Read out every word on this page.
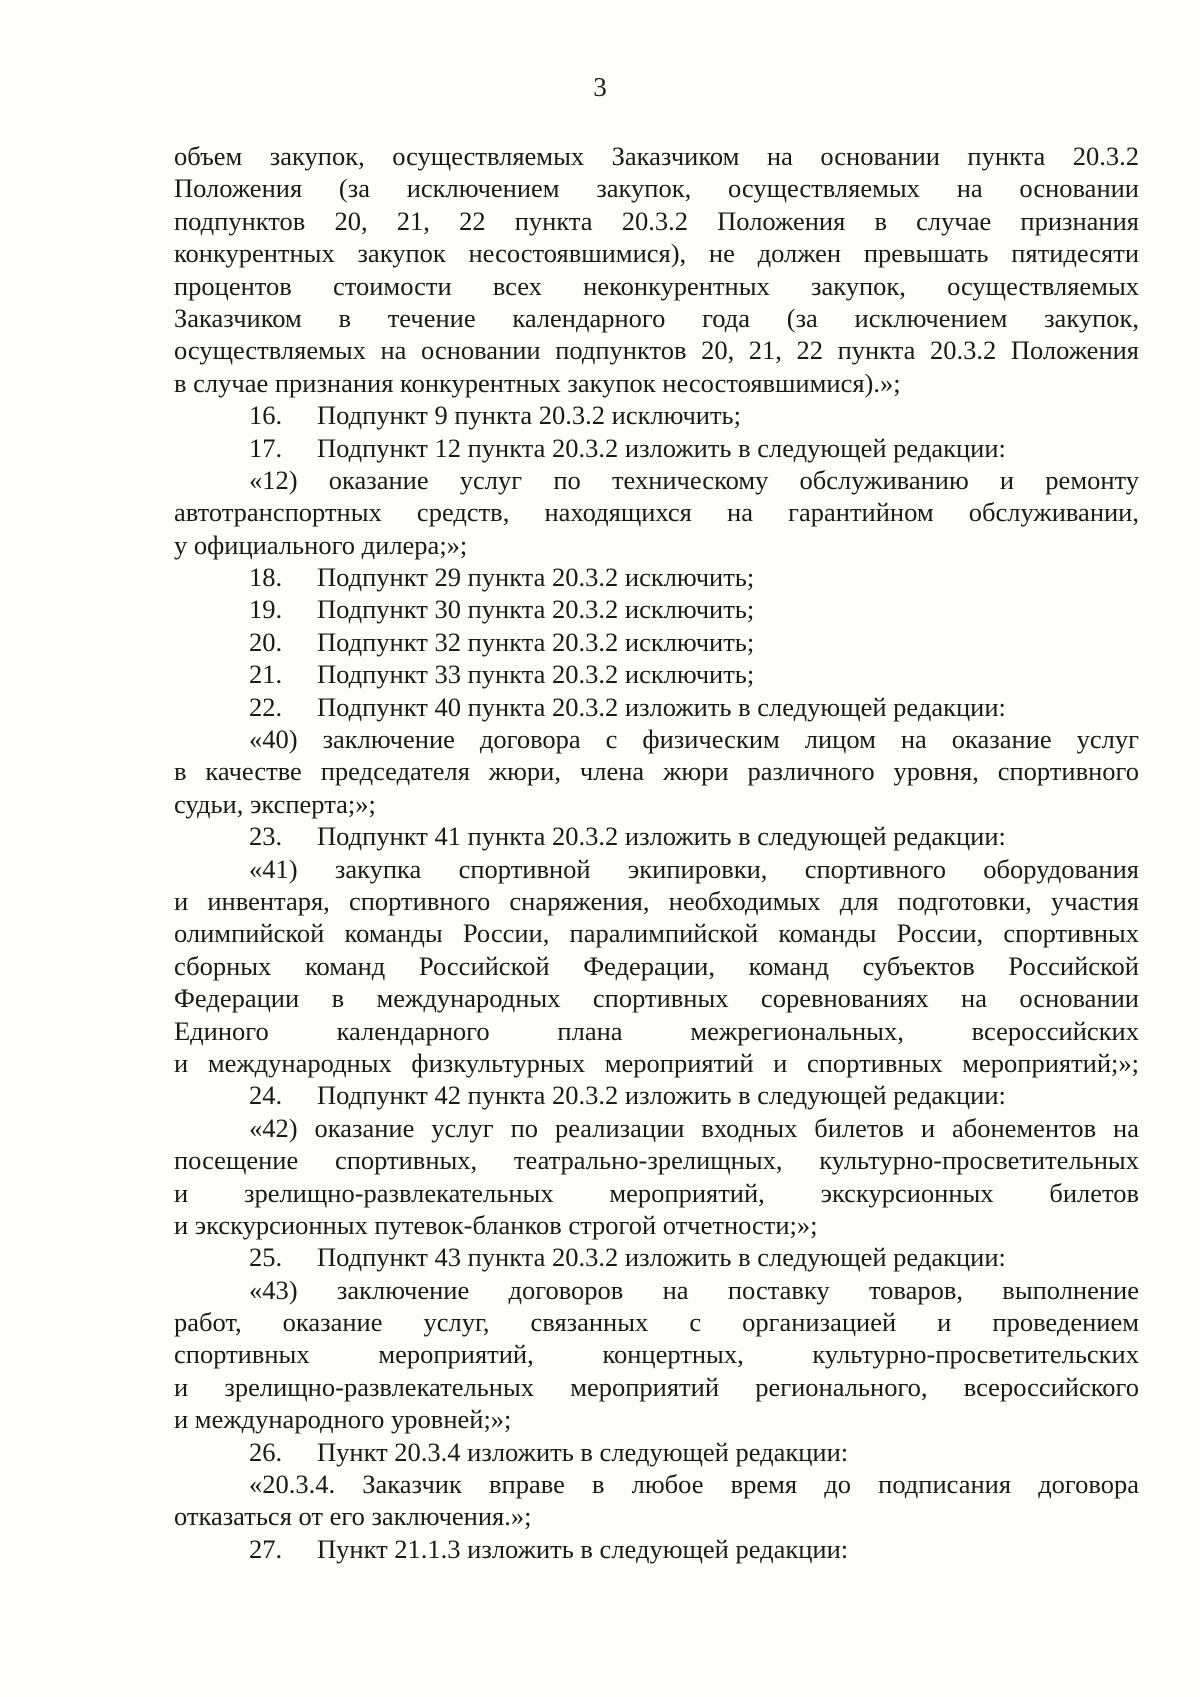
3
объем закупок, осуществляемых Заказчиком на основании пункта 20.3.2
Положения (за исключением закупок, осуществляемых на основании
подпунктов 20, 21, 22 пункта 20.3.2 Положения в случае признания
конкурентных закупок несостоявшимися), не должен превышать пятидесяти
процентов стоимости всех неконкурентных закупок, осуществляемых
Заказчиком в течение календарного года (за исключением закупок,
осуществляемых на основании подпунктов 20, 21, 22 пункта 20.3.2 Положения
в случае признания конкурентных закупок несостоявшимися).»;
16. Подпункт 9 пункта 20.3.2 исключить;
17. Подпункт 12 пункта 20.3.2 изложить в следующей редакции:
«12) оказание услуг по техническому обслуживанию и ремонту
автотранспортных средств, находящихся на гарантийном обслуживании,
у официального дилера;»;
18. Подпункт 29 пункта 20.3.2 исключить;
19. Подпункт 30 пункта 20.3.2 исключить;
20. Подпункт 32 пункта 20.3.2 исключить;
21. Подпункт 33 пункта 20.3.2 исключить;
22. Подпункт 40 пункта 20.3.2 изложить в следующей редакции:
«40) заключение договора с физическим лицом на оказание услуг
в качестве председателя жюри, члена жюри различного уровня, спортивного
судьи, эксперта;»;
23. Подпункт 41 пункта 20.3.2 изложить в следующей редакции:
«41) закупка спортивной экипировки, спортивного оборудования
и инвентаря, спортивного снаряжения, необходимых для подготовки, участия
олимпийской команды России, паралимпийской команды России, спортивных
сборных команд Российской Федерации, команд субъектов Российской
Федерации в международных спортивных соревнованиях на основании
Единого календарного плана межрегиональных, всероссийских
и международных физкультурных мероприятий и спортивных мероприятий;»;
24. Подпункт 42 пункта 20.3.2 изложить в следующей редакции:
«42) оказание услуг по реализации входных билетов и абонементов на
посещение спортивных, театрально-зрелищных, культурно-просветительных
и зрелищно-развлекательных мероприятий, экскурсионных билетов
и экскурсионных путевок-бланков строгой отчетности;»;
25. Подпункт 43 пункта 20.3.2 изложить в следующей редакции:
«43) заключение договоров на поставку товаров, выполнение
работ, оказание услуг, связанных с организацией и проведением
спортивных мероприятий, концертных, культурно-просветительских
и зрелищно-развлекательных мероприятий регионального, всероссийского
и международного уровней;»;
26. Пункт 20.3.4 изложить в следующей редакции:
«20.3.4. Заказчик вправе в любое время до подписания договора
отказаться от его заключения.»;
27. Пункт 21.1.3 изложить в следующей редакции:
